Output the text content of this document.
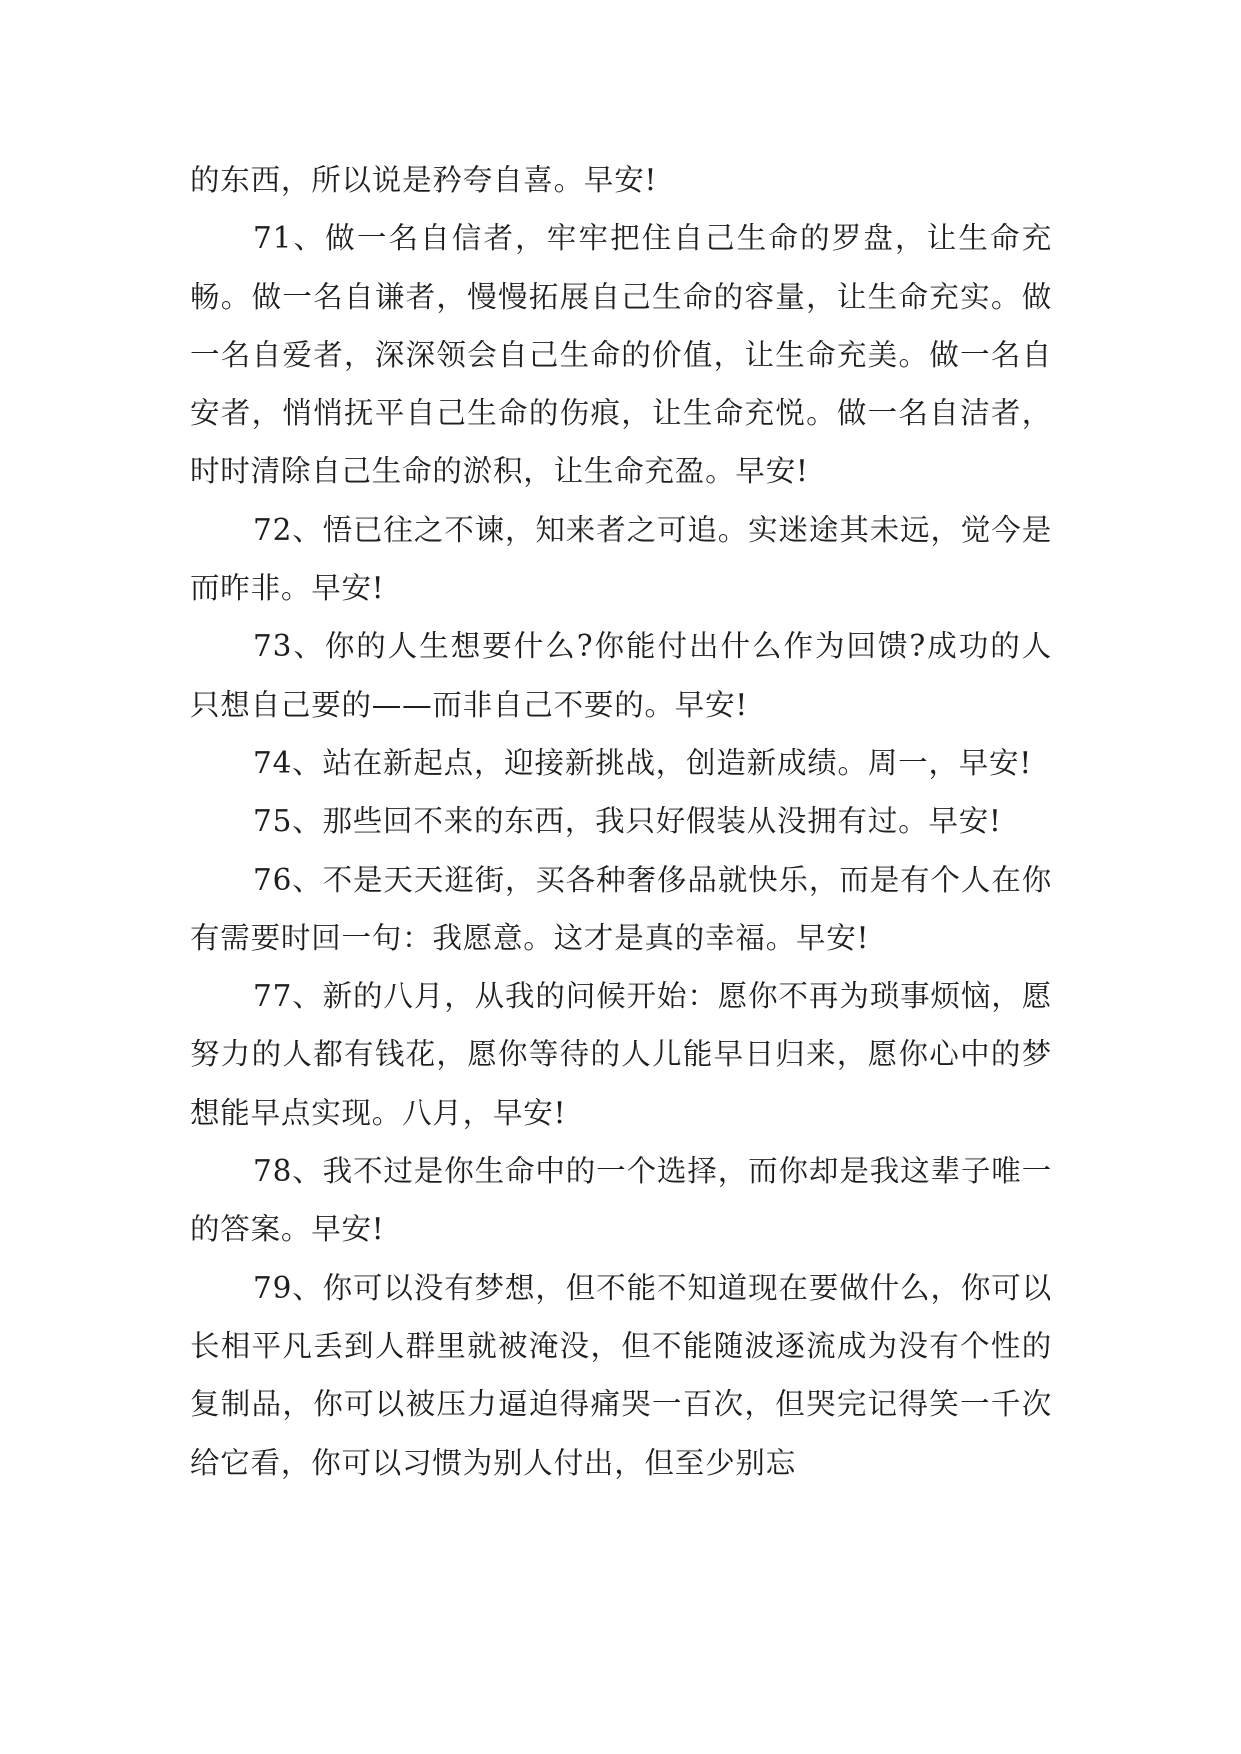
的东西，所以说是矜夸自喜。早安!

71、做一名自信者，牢牢把住自己生命的罗盘，让生命充畅。做一名自谦者，慢慢拓展自己生命的容量，让生命充实。做一名自爱者，深深领会自己生命的价值，让生命充美。做一名自安者，悄悄抚平自己生命的伤痕，让生命充悦。做一名自洁者，时时清除自己生命的淤积，让生命充盈。早安!

72、悟已往之不谏，知来者之可追。实迷途其未远，觉今是而昨非。早安!

73、你的人生想要什么?你能付出什么作为回馈?成功的人只想自己要的——而非自己不要的。早安!

74、站在新起点，迎接新挑战，创造新成绩。周一，早安!

75、那些回不来的东西，我只好假装从没拥有过。早安!

76、不是天天逛街，买各种奢侈品就快乐，而是有个人在你有需要时回一句：我愿意。这才是真的幸福。早安!

77、新的八月，从我的问候开始：愿你不再为琐事烦恼，愿努力的人都有钱花，愿你等待的人儿能早日归来，愿你心中的梦想能早点实现。八月，早安!

78、我不过是你生命中的一个选择，而你却是我这辈子唯一的答案。早安!

79、你可以没有梦想，但不能不知道现在要做什么，你可以长相平凡丢到人群里就被淹没，但不能随波逐流成为没有个性的复制品，你可以被压力逼迫得痛哭一百次，但哭完记得笑一千次给它看，你可以习惯为别人付出，但至少别忘
